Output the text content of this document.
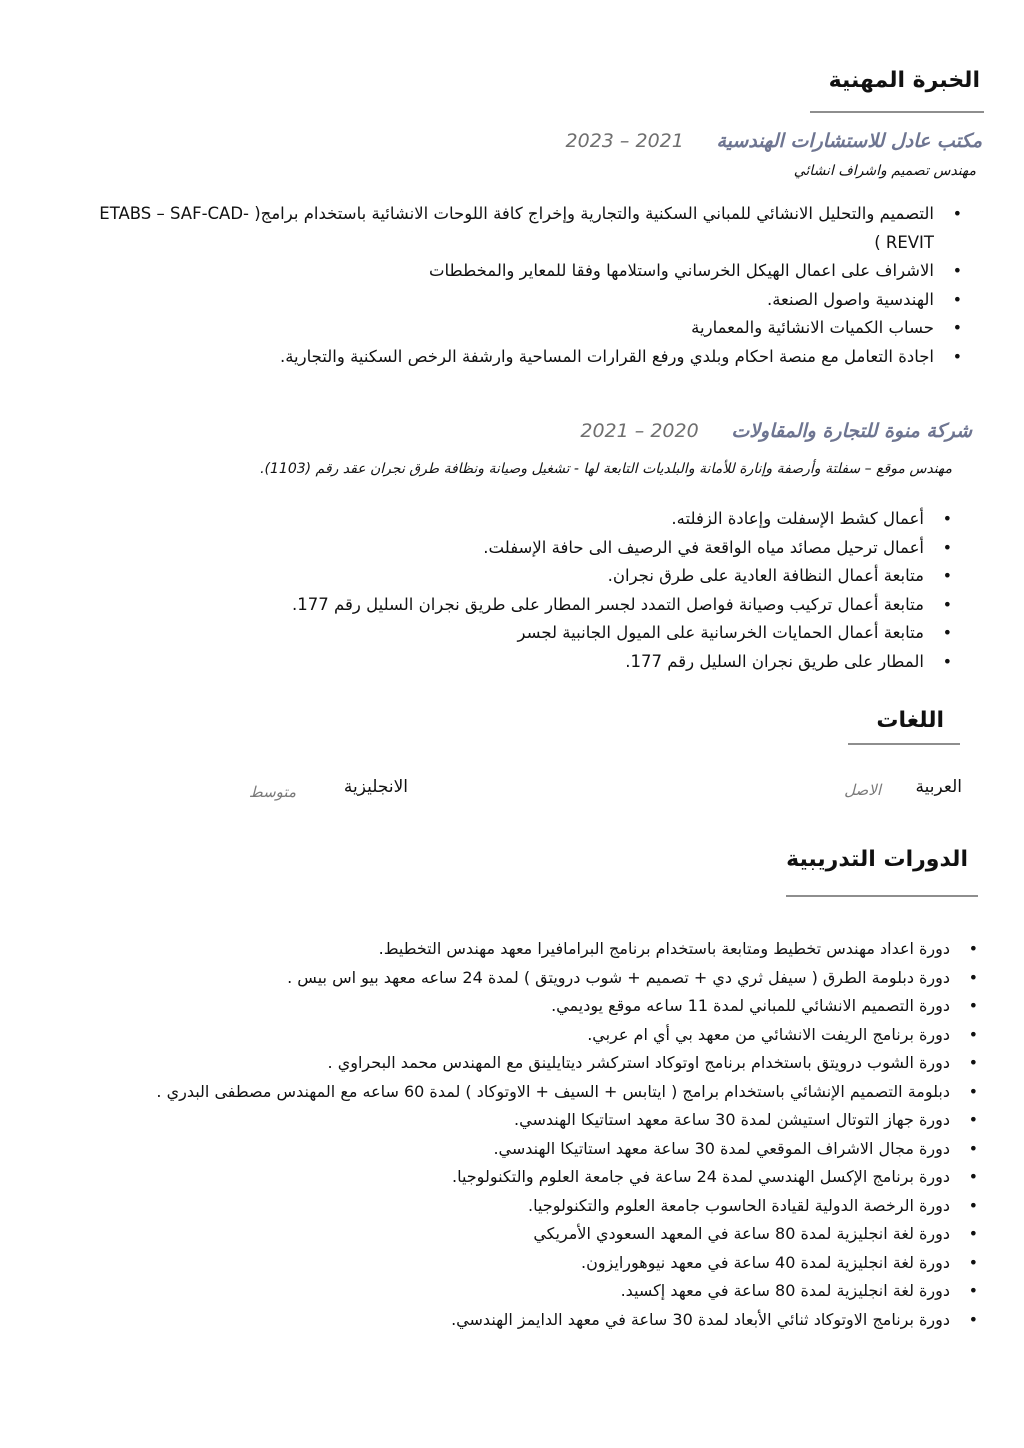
الخبرة المهنية
مكتب عادل للاستشارات الهندسية 2021 – 2023
مهندس تصميم واشراف انشائي
• التصميم والتحليل الانشائي للمباني السكنية والتجارية وإخراج كافة اللوحات الانشائية باستخدام برامج( ETABS – SAF-CAD-REVIT )
• الاشراف على اعمال الهيكل الخرساني واستلامها وفقا للمعاير والمخططات
• الهندسية واصول الصنعة.
• حساب الكميات الانشائية والمعمارية
• اجادة التعامل مع منصة احكام وبلدي ورفع القرارات المساحية وارشفة الرخص السكنية والتجارية.
شركة منوة للتجارة والمقاولات 2020 – 2021
مهندس موقع – سفلتة وأرصفة وإنارة للأمانة والبلديات التابعة لها - تشغيل وصيانة ونظافة طرق نجران عقد رقم (1103).
• أعمال كشط الإسفلت وإعادة الزفلته.
• أعمال ترحيل مصائد مياه الواقعة في الرصيف الى حافة الإسفلت.
• متابعة أعمال النظافة العادية على طرق نجران.
• متابعة أعمال تركيب وصيانة فواصل التمدد لجسر المطار على طريق نجران السليل رقم 177.
• متابعة أعمال الحمايات الخرسانية على الميول الجانبية لجسر
• المطار على طريق نجران السليل رقم 177.
اللغات
العربية
الاصل
الانجليزية
متوسط
الدورات التدريبية
• دورة اعداد مهندس تخطيط ومتابعة باستخدام برنامج البرامافيرا معهد مهندس التخطيط.
• دورة دبلومة الطرق ( سيفل ثري دي + تصميم + شوب درويتق ) لمدة 24 ساعه معهد بيو اس بيس .
• دورة التصميم الانشائي للمباني لمدة 11 ساعه موقع يوديمي.
• دورة برنامج الريفت الانشائي من معهد بي أي ام عربي.
• دورة الشوب درويتق باستخدام برنامج اوتوكاد استركشر ديتايلينق مع المهندس محمد البحراوي .
• دبلومة التصميم الإنشائي باستخدام برامج ( ايتابس + السيف + الاوتوكاد ) لمدة 60 ساعه مع المهندس مصطفى البدري .
• دورة جهاز التوتال استيشن لمدة 30 ساعة معهد استاتيكا الهندسي.
• دورة مجال الاشراف الموقعي لمدة 30 ساعة معهد استاتيكا الهندسي.
• دورة برنامج الإكسل الهندسي لمدة 24 ساعة في جامعة العلوم والتكنولوجيا.
• دورة الرخصة الدولية لقيادة الحاسوب جامعة العلوم والتكنولوجيا.
• دورة لغة انجليزية لمدة 80 ساعة في المعهد السعودي الأمريكي
• دورة لغة انجليزية لمدة 40 ساعة في معهد نيوهورايزون.
• دورة لغة انجليزية لمدة 80 ساعة في معهد إكسيد.
• دورة برنامج الاوتوكاد ثنائي الأبعاد لمدة 30 ساعة في معهد الدايمز الهندسي.
